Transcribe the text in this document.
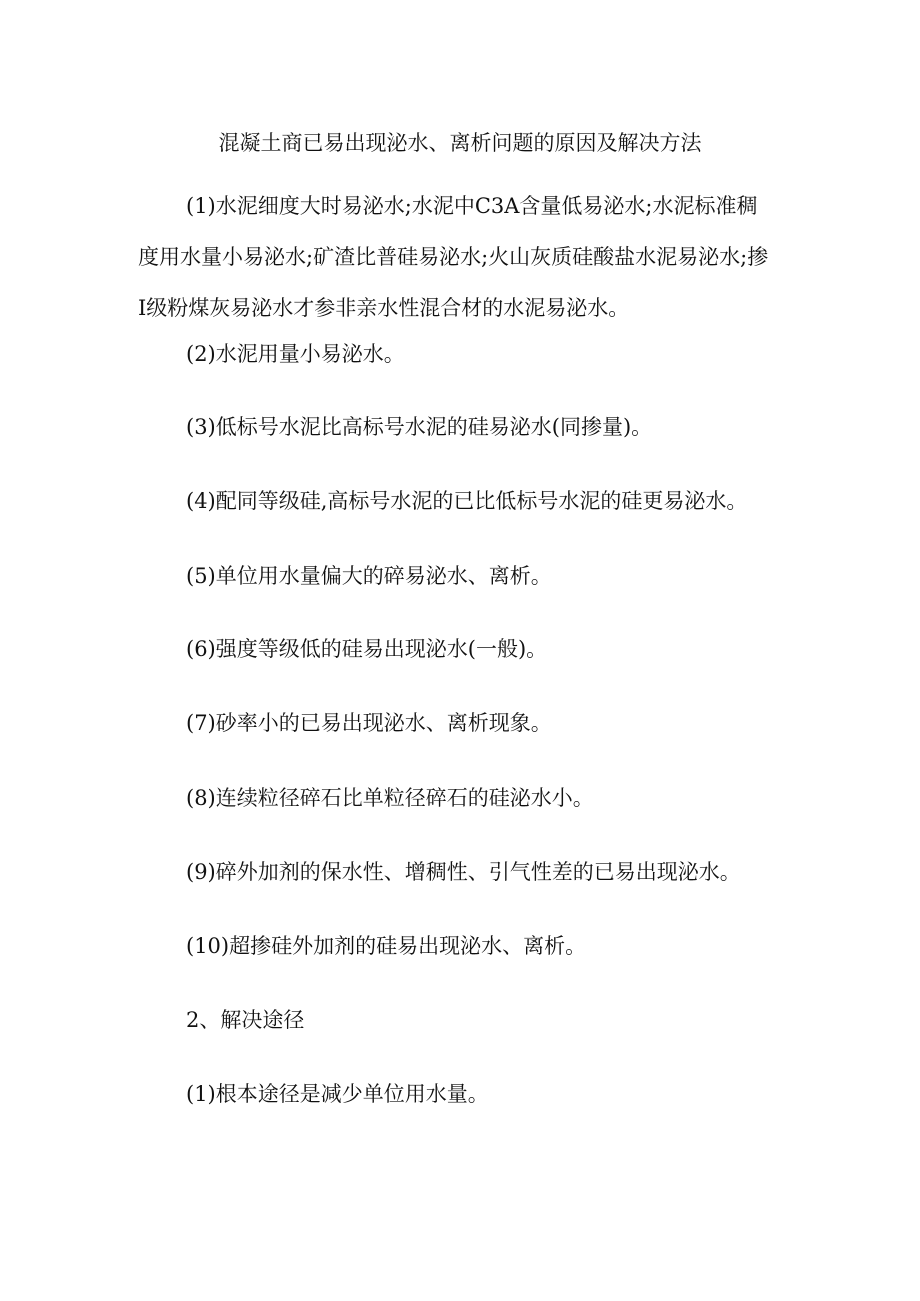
混凝土商已易出现泌水、离析问题的原因及解决方法
(1)水泥细度大时易泌水;水泥中C3A含量低易泌水;水泥标准稠
度用水量小易泌水;矿渣比普硅易泌水;火山灰质硅酸盐水泥易泌水;掺
I级粉煤灰易泌水才参非亲水性混合材的水泥易泌水。
(2)水泥用量小易泌水。
(3)低标号水泥比高标号水泥的硅易泌水(同掺量)。
(4)配同等级硅,高标号水泥的已比低标号水泥的硅更易泌水。
(5)单位用水量偏大的碎易泌水、离析。
(6)强度等级低的硅易出现泌水(一般)。
(7)砂率小的已易出现泌水、离析现象。
(8)连续粒径碎石比单粒径碎石的硅泌水小。
(9)碎外加剂的保水性、增稠性、引气性差的已易出现泌水。
(10)超掺硅外加剂的硅易出现泌水、离析。
2、解决途径
(1)根本途径是减少单位用水量。
